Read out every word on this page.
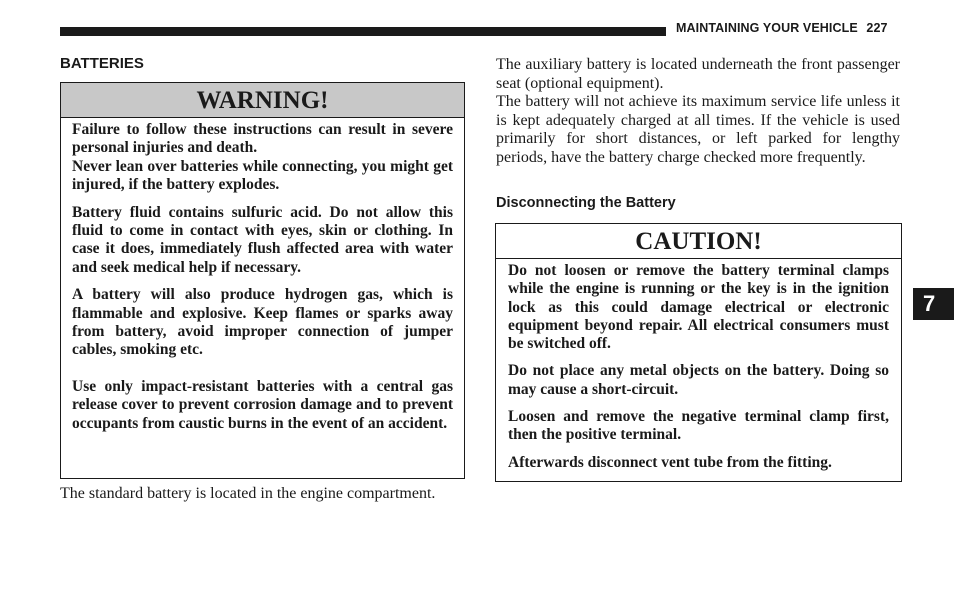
MAINTAINING YOUR VEHICLE 227
BATTERIES
WARNING!

Failure to follow these instructions can result in severe personal injuries and death.

Never lean over batteries while connecting, you might get injured, if the battery explodes.

Battery fluid contains sulfuric acid. Do not allow this fluid to come in contact with eyes, skin or clothing. In case it does, immediately flush affected area with water and seek medical help if necessary.

A battery will also produce hydrogen gas, which is flammable and explosive. Keep flames or sparks away from battery, avoid improper connection of jumper cables, smoking etc.

Use only impact-resistant batteries with a central gas release cover to prevent corrosion damage and to prevent occupants from caustic burns in the event of an accident.

The standard battery is located in the engine compartment.

The auxiliary battery is located underneath the front passenger seat (optional equipment).

The battery will not achieve its maximum service life unless it is kept adequately charged at all times. If the vehicle is used primarily for short distances, or left parked for lengthy periods, have the battery charge checked more frequently.

Disconnecting the Battery
CAUTION!

Do not loosen or remove the battery terminal clamps while the engine is running or the key is in the ignition lock as this could damage electrical or electronic equipment beyond repair. All electrical consumers must be switched off.

Do not place any metal objects on the battery. Doing so may cause a short-circuit.

Loosen and remove the negative terminal clamp first, then the positive terminal.

Afterwards disconnect vent tube from the fitting.

7
